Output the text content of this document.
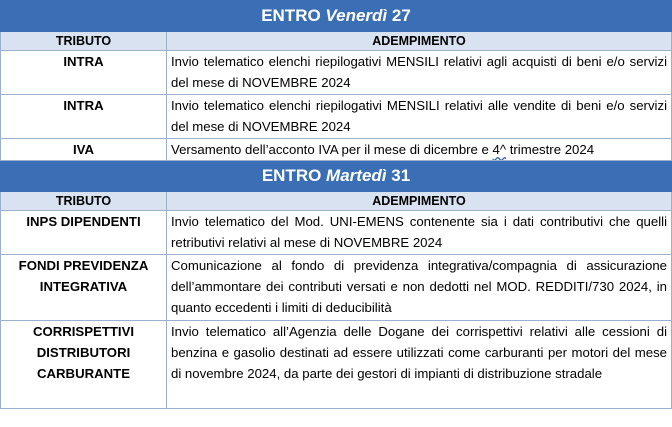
ENTRO Venerdì 27	
TRIBUTO	ADEMPIMENTO
INTRA	Invio telematico elenchi riepilogativi MENSILI relativi agli acquisti di beni e/o servizi del mese di NOVEMBRE 2024
INTRA	Invio telematico elenchi riepilogativi MENSILI relativi alle vendite di beni e/o servizi del mese di NOVEMBRE 2024
IVA	Versamento dell’acconto IVA per il mese di dicembre e 4^ trimestre 2024
ENTRO Martedì 31	
TRIBUTO	ADEMPIMENTO
INPS DIPENDENTI	Invio telematico del Mod. UNI-EMENS contenente sia i dati contributivi che quelli retributivi relativi al mese di NOVEMBRE 2024
FONDI PREVIDENZA INTEGRATIVA	Comunicazione al fondo di previdenza integrativa/compagnia di assicurazione dell’ammontare dei contributi versati e non dedotti nel MOD. REDDITI/730 2024, in quanto eccedenti i limiti di deducibilità
CORRISPETTIVI DISTRIBUTORI CARBURANTE	Invio telematico all’Agenzia delle Dogane dei corrispettivi relativi alle cessioni di benzina e gasolio destinati ad essere utilizzati come carburanti per motori del mese di novembre 2024, da parte dei gestori di impianti di distribuzione stradale
